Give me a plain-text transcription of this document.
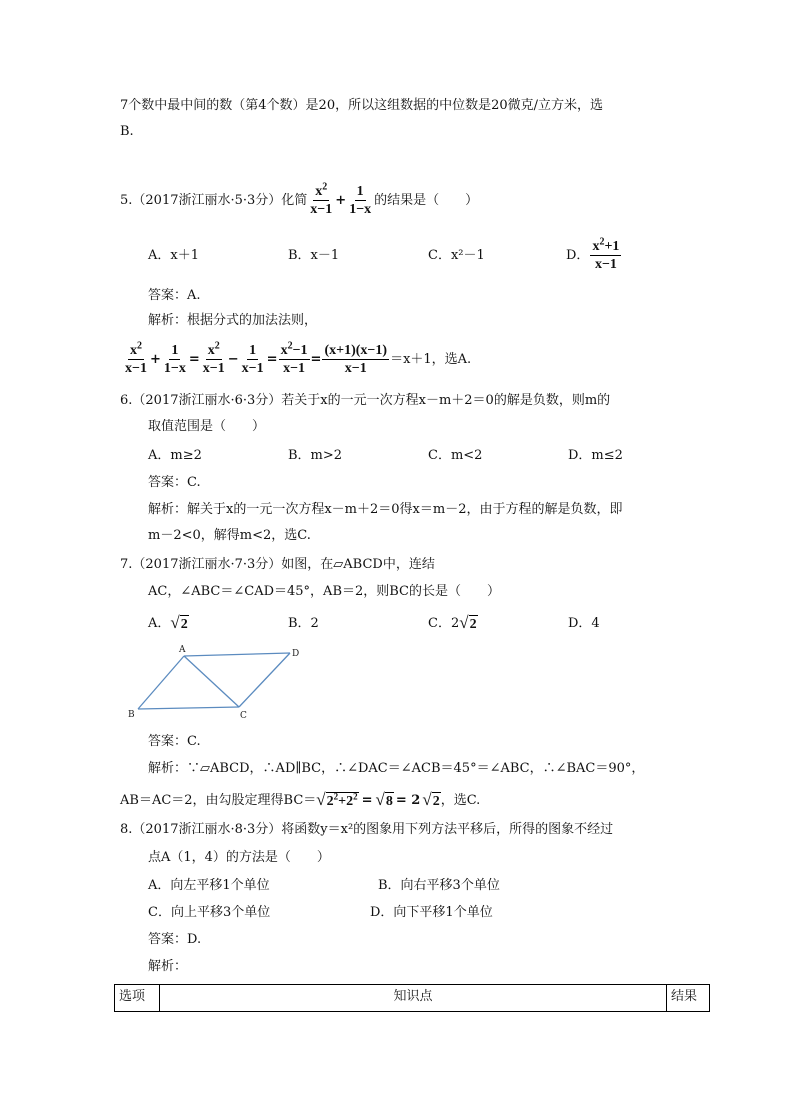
7个数中最中间的数（第4个数）是20，所以这组数据的中位数是20微克/立方米，选
B.
5.（2017浙江丽水·5·3分）化简 $\frac{x^2}{x-1} + \frac{1}{1-x}$ 的结果是（　　）
A．x＋1	B．x－1	C．x²－1	D． $\frac{x^2+1}{x-1}$
答案：A.
解析：根据分式的加法法则，
$\frac{x^2}{x-1} + \frac{1}{1-x} = \frac{x^2}{x-1} - \frac{1}{x-1} = \frac{x^2-1}{x-1} = \frac{(x+1)(x-1)}{x-1} =x+1$，选A.
6.（2017浙江丽水·6·3分）若关于x的一元一次方程x－m＋2＝0的解是负数，则m的
取值范围是（　　）
A．m≥2	B．m>2	C．m<2	D．m≤2
答案：C.
解析：解关于x的一元一次方程x－m＋2＝0得x＝m－2，由于方程的解是负数，即
m－2<0，解得m<2，选C.
7.（2017浙江丽水·7·3分）如图，在▱ABCD中，连结
AC，∠ABC＝∠CAD＝45°，AB＝2，则BC的长是（　　）
A． √ 2	B．2	C．2 √ 2	D．4
A
B	C
D
答案：C.
解析：∵▱ABCD，∴AD∥BC，∴∠DAC＝∠ACB＝45°＝∠ABC，∴∠BAC＝90°，
AB＝AC＝2，由勾股定理得BC＝ √ $2^2+2^2$ = √ 8 = 2 √ 2 ，选C.
8.（2017浙江丽水·8·3分）将函数y＝x²的图象用下列方法平移后，所得的图象不经过
点A（1，4）的方法是（　　）
A．向左平移1个单位	B．向右平移3个单位
C．向上平移3个单位	D．向下平移1个单位
答案：D.
解析：
选项	知识点	结果
